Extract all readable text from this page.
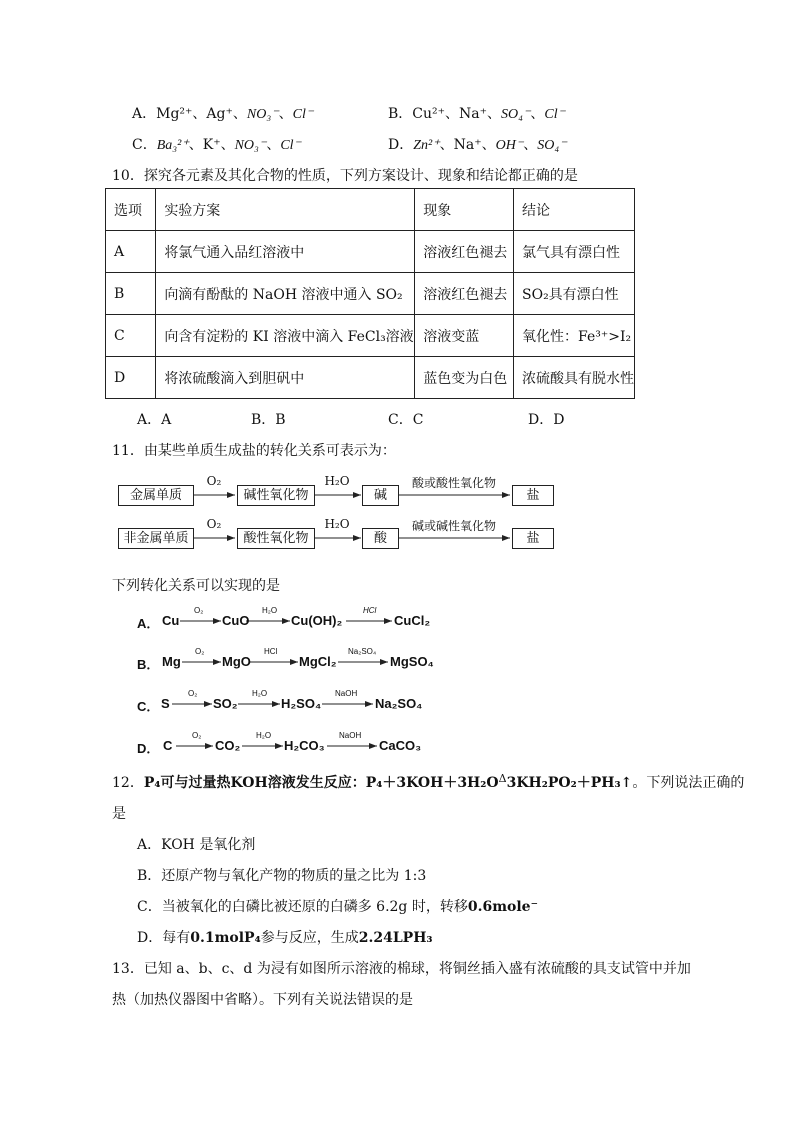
A．Mg²⁺、Ag⁺、NO₃⁻、Cl⁻	B．Cu²⁺、Na⁺、SO₄⁻、Cl⁻
C．Ba₃²⁺、K⁺、NO₃⁻、Cl⁻	D．Zn²⁺、Na⁺、OH⁻、SO₄⁻
10．探究各元素及其化合物的性质，下列方案设计、现象和结论都正确的是
选项	实验方案	现象	结论
A	将氯气通入品红溶液中	溶液红色褪去	氯气具有漂白性
B	向滴有酚酞的 NaOH 溶液中通入 SO₂	溶液红色褪去	SO₂具有漂白性
C	向含有淀粉的 KI 溶液中滴入 FeCl₃溶液	溶液变蓝	氧化性：Fe³⁺>I₂
D	将浓硫酸滴入到胆矾中	蓝色变为白色	浓硫酸具有脱水性
A．A	B．B	C．C	D．D
11．由某些单质生成盐的转化关系可表示为：
金属单质
O₂
碱性氧化物
H₂O
碱
酸或酸性氧化物
盐
非金属单质
O₂
酸性氧化物
H₂O
酸
碱或碱性氧化物
盐
下列转化关系可以实现的是
A． Cu
O₂
CuO
H₂O
Cu(OH)₂
HCl
CuCl₂
B． Mg
O₂
MgO
HCl
MgCl₂
Na₂SO₄
MgSO₄
C． S
O₂
SO₂
H₂O
H₂SO₄
NaOH
Na₂SO₄
D． C
O₂
CO₂
H₂O
H₂CO₃
NaOH
CaCO₃
12．P₄可与过量热KOH溶液发生反应：$P_4+3KOH+3H_2O^\Delta 3KH_2PO_2+PH_3↑$。下列说法正确的
是
A．KOH 是氧化剂
B．还原产物与氧化产物的物质的量之比为 1:3
C．当被氧化的白磷比被还原的白磷多 6.2g 时，转移0.6mole⁻
D．每有0.1molP₄参与反应，生成2.24LPH₃
13．已知 a、b、c、d 为浸有如图所示溶液的棉球，将铜丝插入盛有浓硫酸的具支试管中并加
热（加热仪器图中省略）。下列有关说法错误的是
